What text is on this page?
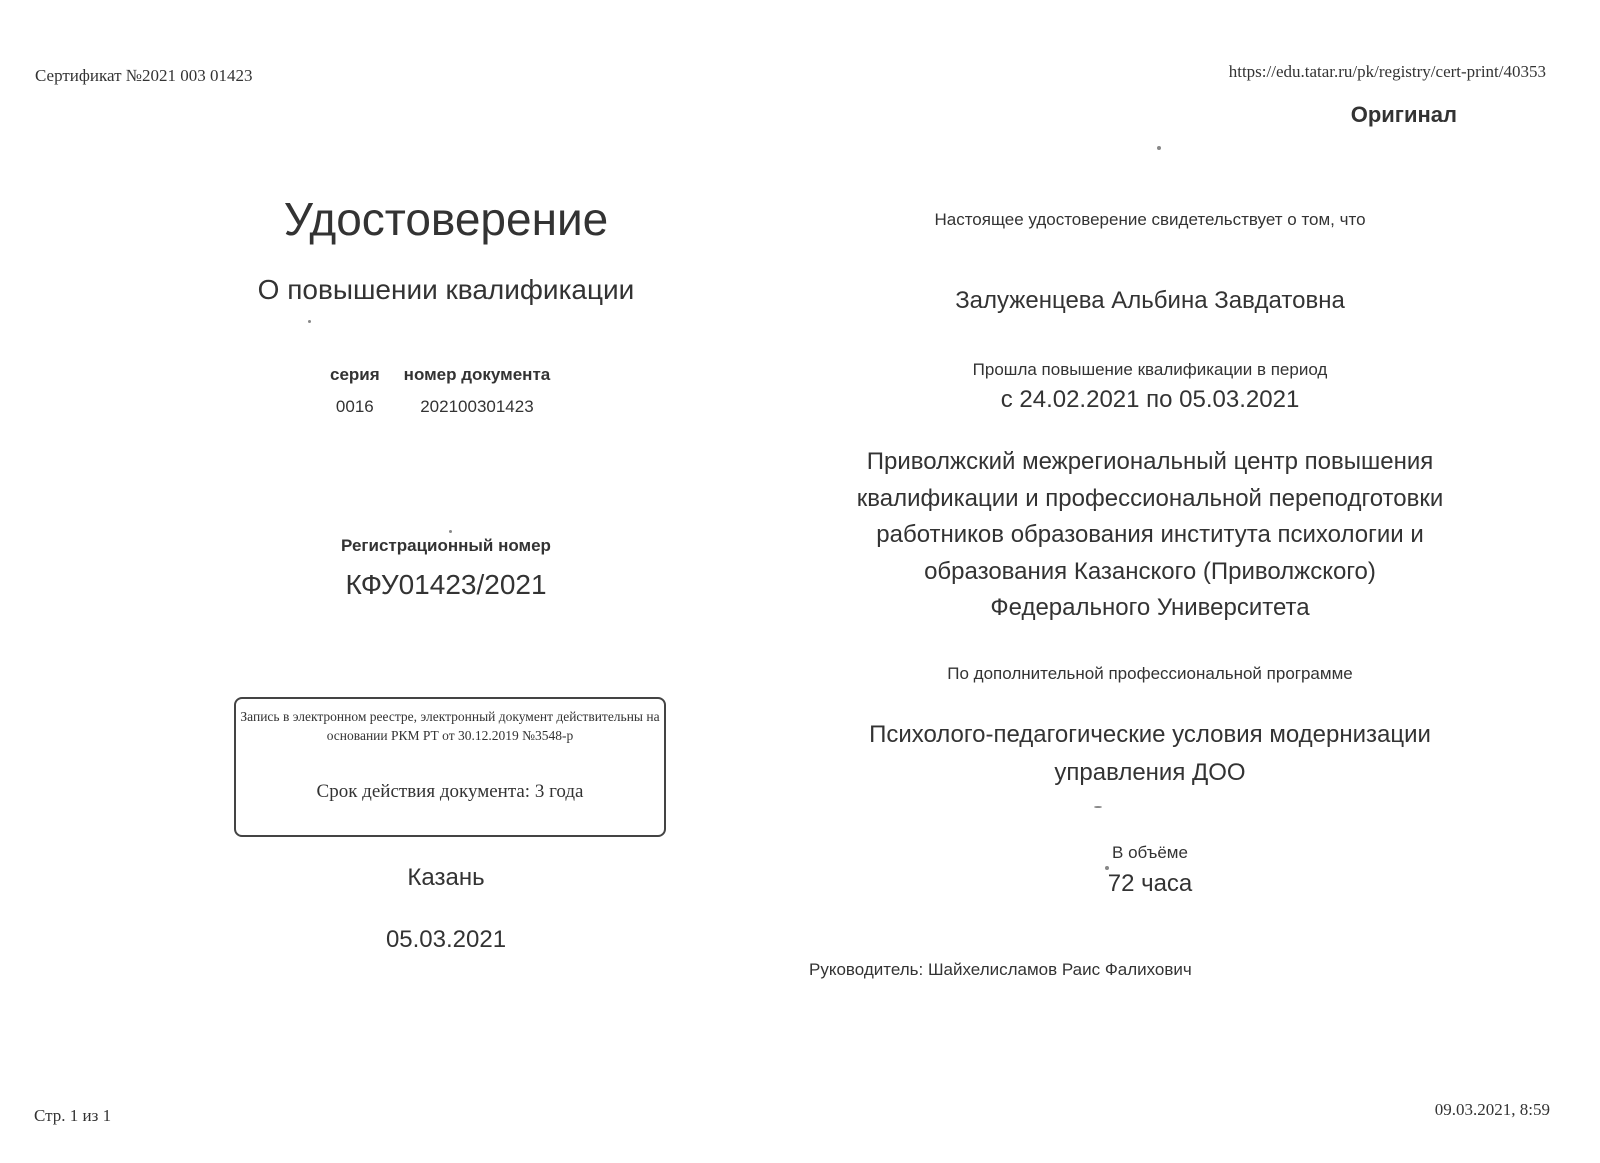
Сертификат №2021 003 01423	https://edu.tatar.ru/pk/registry/cert-print/40353
Оригинал
Удостоверение
О повышении квалификации
серия	номер документа
0016	202100301423
Регистрационный номер
КФУ01423/2021
Запись в электронном реестре, электронный документ действительны на основании РКМ РТ от 30.12.2019 №3548-р
Срок действия документа: 3 года
Казань
05.03.2021
Настоящее удостоверение свидетельствует о том, что
Залуженцева Альбина Завдатовна
Прошла повышение квалификации в период
с 24.02.2021 по 05.03.2021
Приволжский межрегиональный центр повышения
квалификации и профессиональной переподготовки
работников образования института психологии и
образования Казанского (Приволжского)
Федерального Университета
По дополнительной профессиональной программе
Психолого-педагогические условия модернизации
управления ДОО
В объёме
72 часа
Руководитель: Шайхелисламов Раис Фалихович
Стр. 1 из 1	09.03.2021, 8:59
